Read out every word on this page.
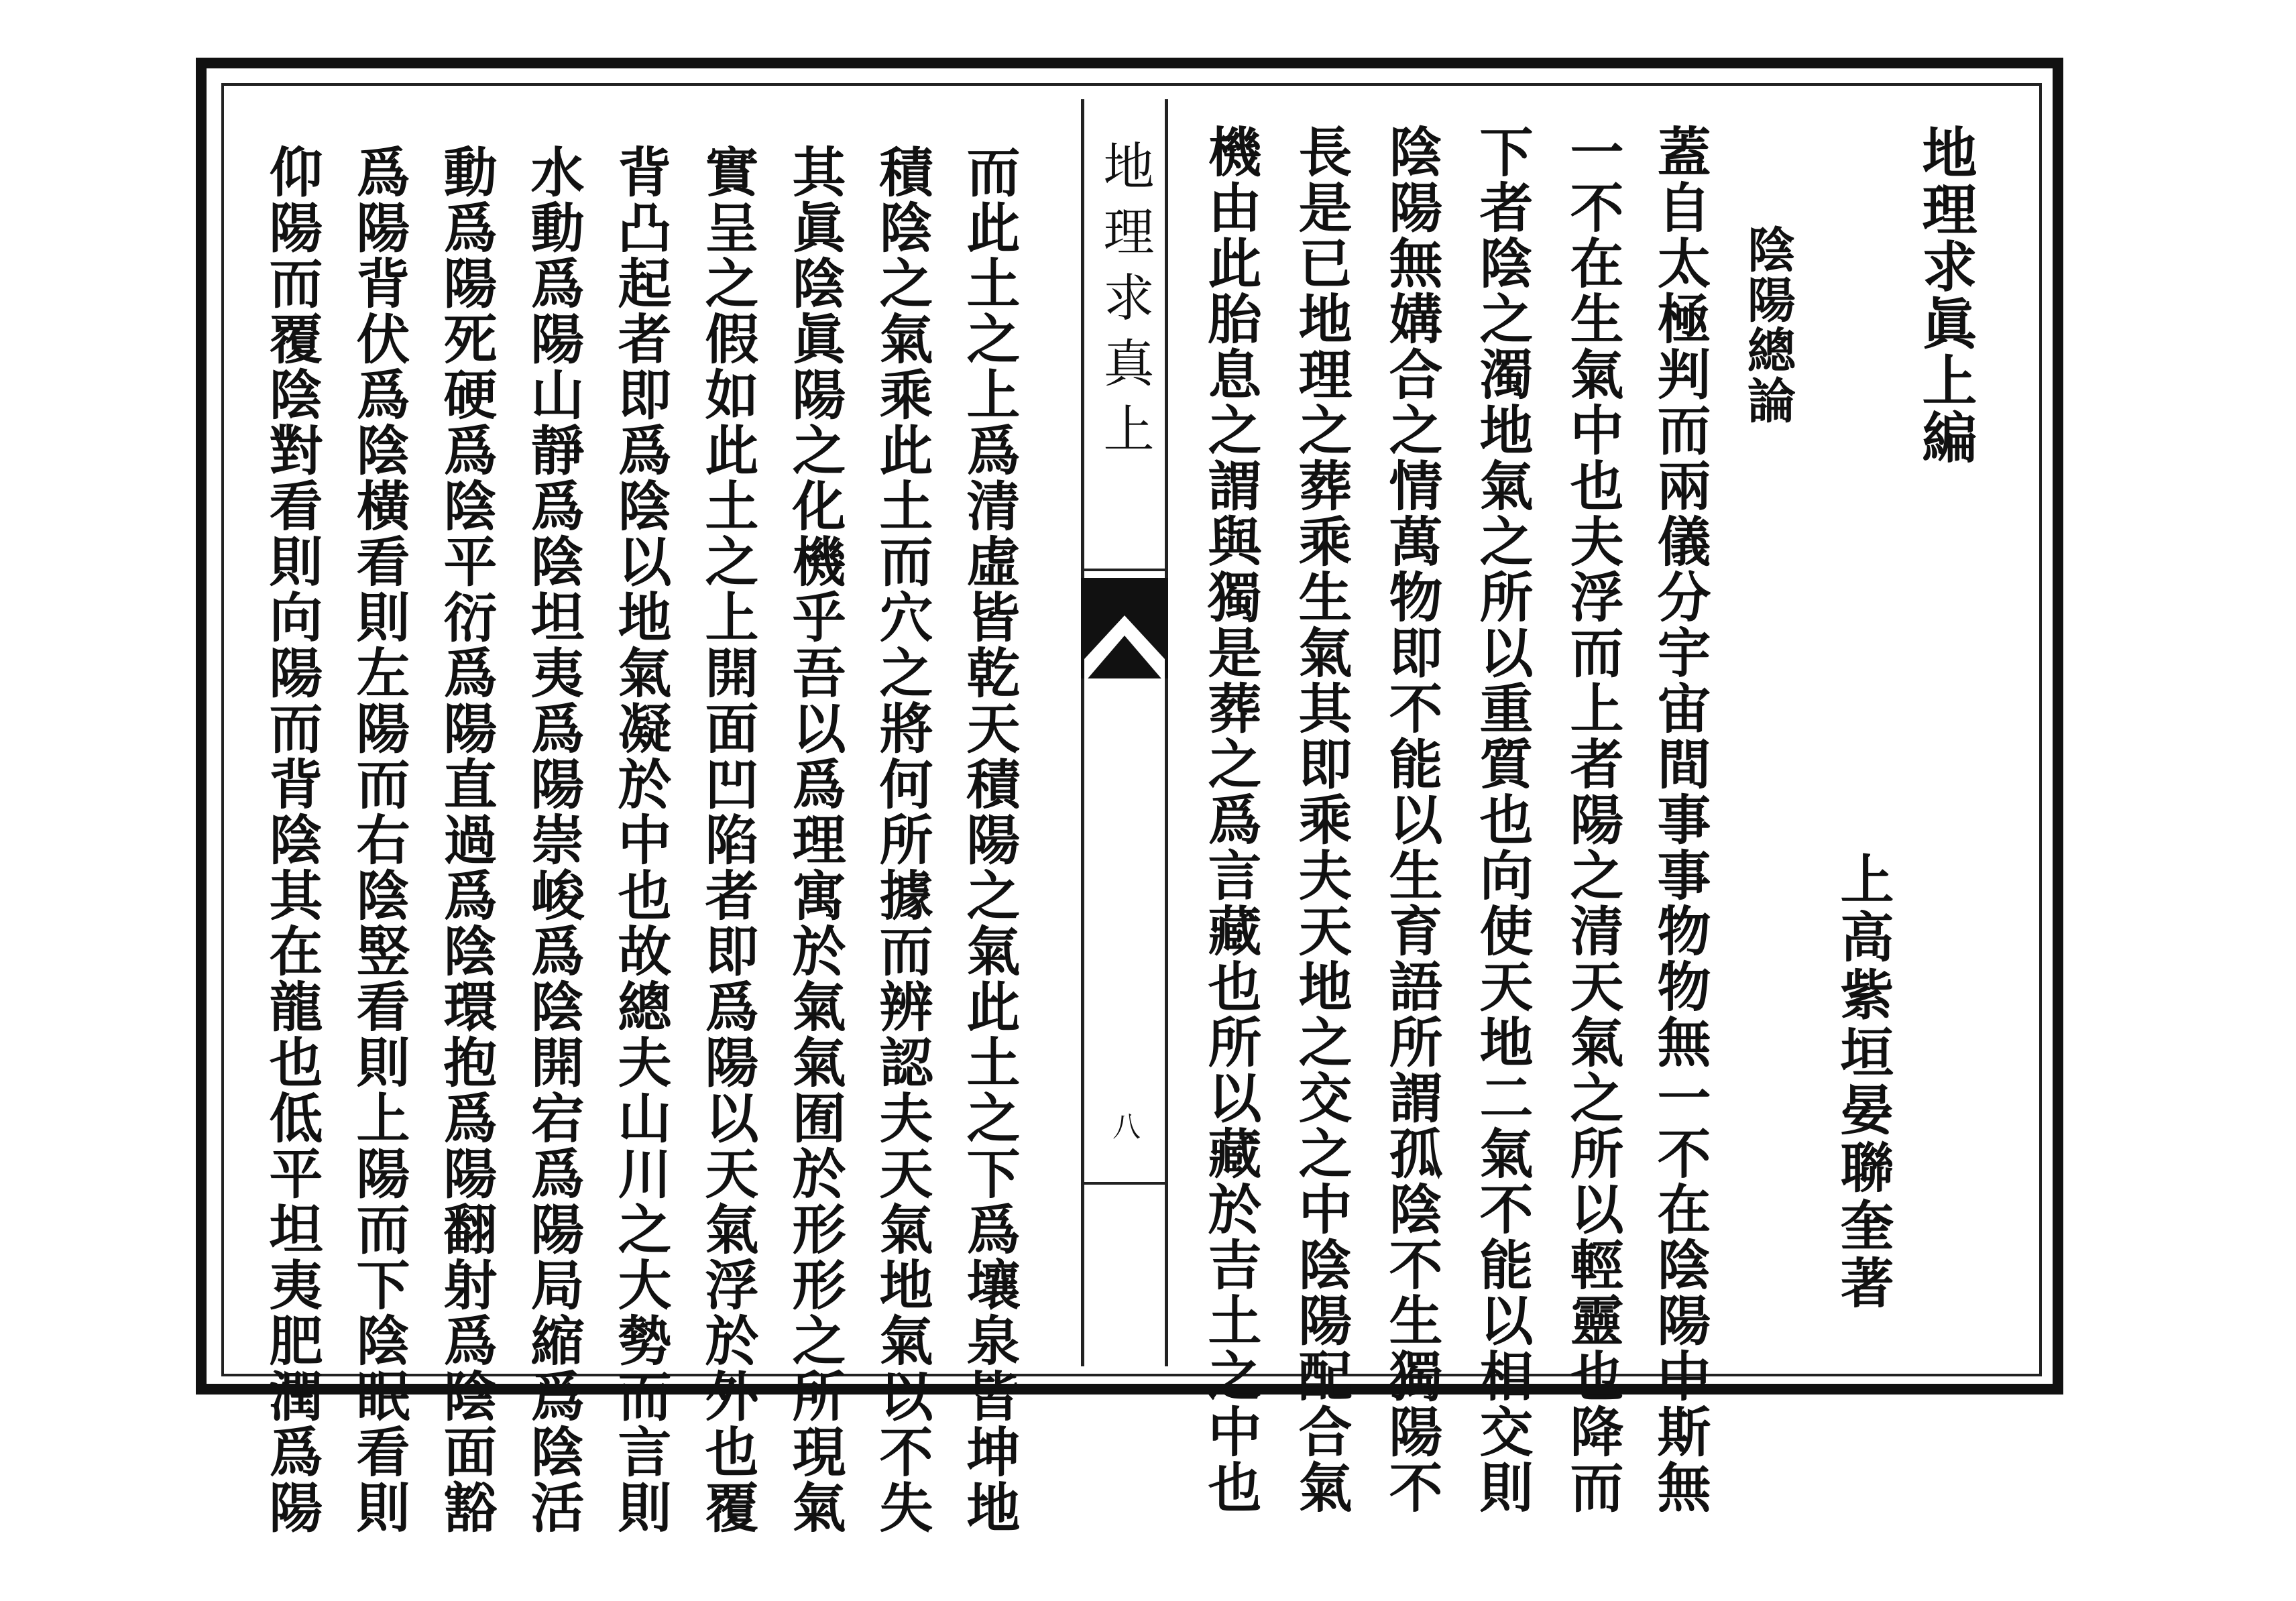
地理求真上
八
地理求眞上編
陰陽總論
上高紫垣晏聯奎著
蓋自太極判而兩儀分宇宙間事事物物無一不在陰陽中斯無
一不在生氣中也夫浮而上者陽之清天氣之所以輕靈也降而
下者陰之濁地氣之所以重質也向使天地二氣不能以相交則
陰陽無媾合之情萬物即不能以生育語所謂孤陰不生獨陽不
長是已地理之葬乘生氣其即乘夫天地之交之中陰陽配合氣
機由此胎息之謂與獨是葬之爲言藏也所以藏於吉土之中也
而此土之上爲清虛皆乾天積陽之氣此土之下爲壤泉皆坤地
積陰之氣乘此土而穴之將何所據而辨認夫天氣地氣以不失
其眞陰眞陽之化機乎吾以爲理寓於氣氣囿於形形之所現氣
實呈之假如此土之上開面凹陷者即爲陽以天氣浮於外也覆
背凸起者即爲陰以地氣凝於中也故總夫山川之大勢而言則
水動爲陽山靜爲陰坦夷爲陽崇峻爲陰開宕爲陽局縮爲陰活
動爲陽死硬爲陰平衍爲陽直過爲陰環抱爲陽翻射爲陰面豁
爲陽背伏爲陰橫看則左陽而右陰竪看則上陽而下陰眠看則
仰陽而覆陰對看則向陽而背陰其在龍也低平坦夷肥潤爲陽
